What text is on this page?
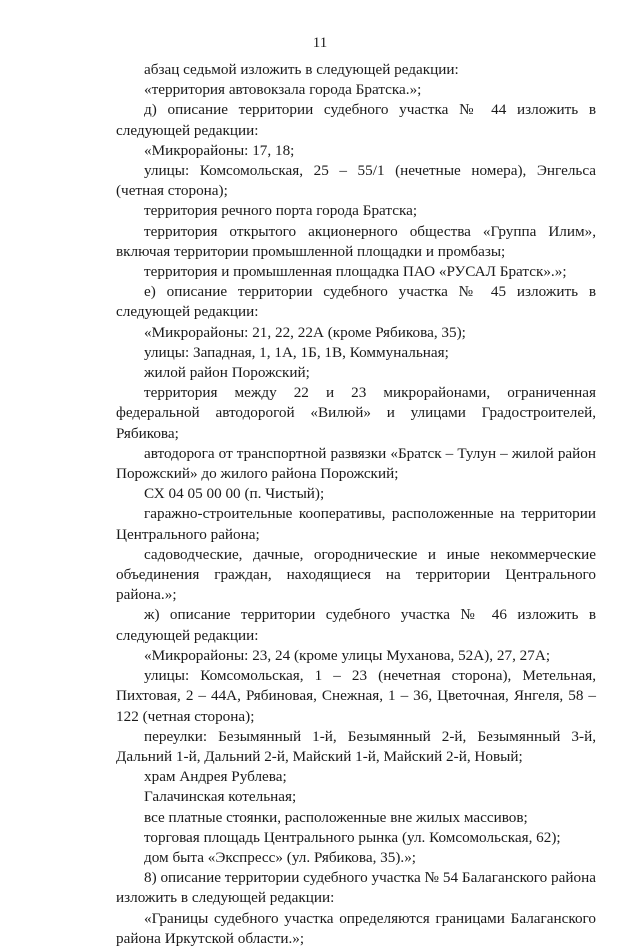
11

абзац седьмой изложить в следующей редакции:

«территория автовокзала города Братска.»;

д) описание территории судебного участка № 44 изложить в следующей редакции:

«Микрорайоны: 17, 18;

улицы: Комсомольская, 25 – 55/1 (нечетные номера), Энгельса (четная сторона);

территория речного порта города Братска;

территория открытого акционерного общества «Группа Илим», включая территории промышленной площадки и промбазы;

территория и промышленная площадка ПАО «РУСАЛ Братск».»;

е) описание территории судебного участка № 45 изложить в следующей редакции:

«Микрорайоны: 21, 22, 22А (кроме Рябикова, 35);

улицы: Западная, 1, 1А, 1Б, 1В, Коммунальная;

жилой район Порожский;

территория между 22 и 23 микрорайонами, ограниченная федеральной автодорогой «Вилюй» и улицами Градостроителей, Рябикова;

автодорога от транспортной развязки «Братск – Тулун – жилой район Порожский» до жилого района Порожский;

СХ 04 05 00 00 (п. Чистый);

гаражно-строительные кооперативы, расположенные на территории Центрального района;

садоводческие, дачные, огороднические и иные некоммерческие объединения граждан, находящиеся на территории Центрального района.»;

ж) описание территории судебного участка № 46 изложить в следующей редакции:

«Микрорайоны: 23, 24 (кроме улицы Муханова, 52А), 27, 27А;

улицы: Комсомольская, 1 – 23 (нечетная сторона), Метельная, Пихтовая, 2 – 44А, Рябиновая, Снежная, 1 – 36, Цветочная, Янгеля, 58 – 122 (четная сторона);

переулки: Безымянный 1-й, Безымянный 2-й, Безымянный 3-й, Дальний 1-й, Дальний 2-й, Майский 1-й, Майский 2-й, Новый;

храм Андрея Рублева;

Галачинская котельная;

все платные стоянки, расположенные вне жилых массивов;

торговая площадь Центрального рынка (ул. Комсомольская, 62);

дом быта «Экспресс» (ул. Рябикова, 35).»;

8) описание территории судебного участка № 54 Балаганского района изложить в следующей редакции:

«Границы судебного участка определяются границами Балаганского района Иркутской области.»;
